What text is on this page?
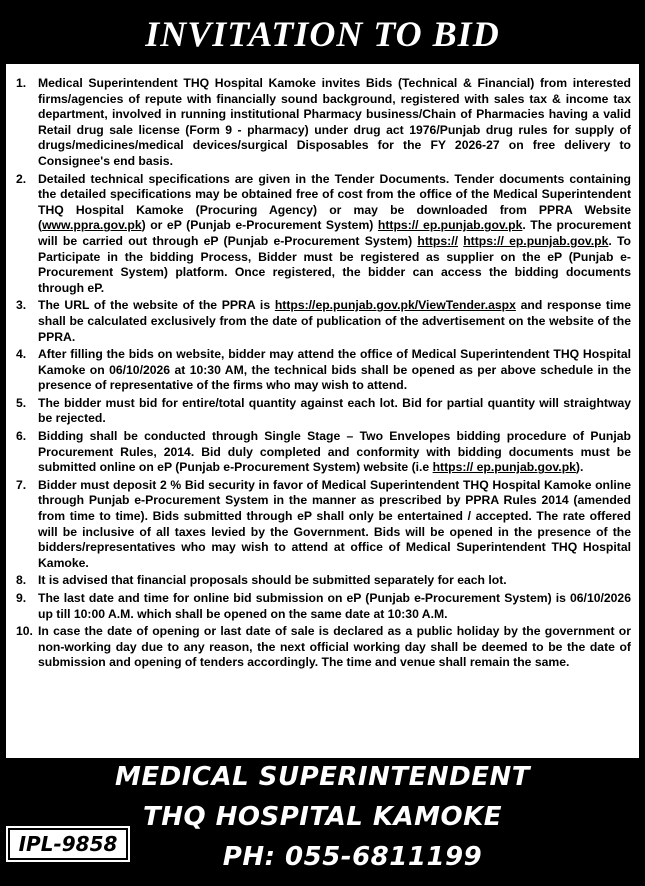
INVITATION TO BID
1. Medical Superintendent THQ Hospital Kamoke invites Bids (Technical & Financial) from interested firms/agencies of repute with financially sound background, registered with sales tax & income tax department, involved in running institutional Pharmacy business/Chain of Pharmacies having a valid Retail drug sale license (Form 9 - pharmacy) under drug act 1976/Punjab drug rules for supply of drugs/medicines/medical devices/surgical Disposables for the FY 2026-27 on free delivery to Consignee's end basis.
2. Detailed technical specifications are given in the Tender Documents. Tender documents containing the detailed specifications may be obtained free of cost from the office of the Medical Superintendent THQ Hospital Kamoke (Procuring Agency) or may be downloaded from PPRA Website (www.ppra.gov.pk) or eP (Punjab e-Procurement System) https:// ep.punjab.gov.pk. The procurement will be carried out through eP (Punjab e-Procurement System) https:// https:// ep.punjab.gov.pk. To Participate in the bidding Process, Bidder must be registered as supplier on the eP (Punjab e-Procurement System) platform. Once registered, the bidder can access the bidding documents through eP.
3. The URL of the website of the PPRA is https://ep.punjab.gov.pk/ViewTender.aspx and response time shall be calculated exclusively from the date of publication of the advertisement on the website of the PPRA.
4. After filling the bids on website, bidder may attend the office of Medical Superintendent THQ Hospital Kamoke on 06/10/2026 at 10:30 AM, the technical bids shall be opened as per above schedule in the presence of representative of the firms who may wish to attend.
5. The bidder must bid for entire/total quantity against each lot. Bid for partial quantity will straightway be rejected.
6. Bidding shall be conducted through Single Stage – Two Envelopes bidding procedure of Punjab Procurement Rules, 2014. Bid duly completed and conformity with bidding documents must be submitted online on eP (Punjab e-Procurement System) website (i.e https:// ep.punjab.gov.pk).
7. Bidder must deposit 2 % Bid security in favor of Medical Superintendent THQ Hospital Kamoke online through Punjab e-Procurement System in the manner as prescribed by PPRA Rules 2014 (amended from time to time). Bids submitted through eP shall only be entertained / accepted. The rate offered will be inclusive of all taxes levied by the Government. Bids will be opened in the presence of the bidders/representatives who may wish to attend at office of Medical Superintendent THQ Hospital Kamoke.
8. It is advised that financial proposals should be submitted separately for each lot.
9. The last date and time for online bid submission on eP (Punjab e-Procurement System) is 06/10/2026 up till 10:00 A.M. which shall be opened on the same date at 10:30 A.M.
10. In case the date of opening or last date of sale is declared as a public holiday by the government or non-working day due to any reason, the next official working day shall be deemed to be the date of submission and opening of tenders accordingly. The time and venue shall remain the same.
MEDICAL SUPERINTENDENT
THQ HOSPITAL KAMOKE
PH: 055-6811199
IPL-9858
